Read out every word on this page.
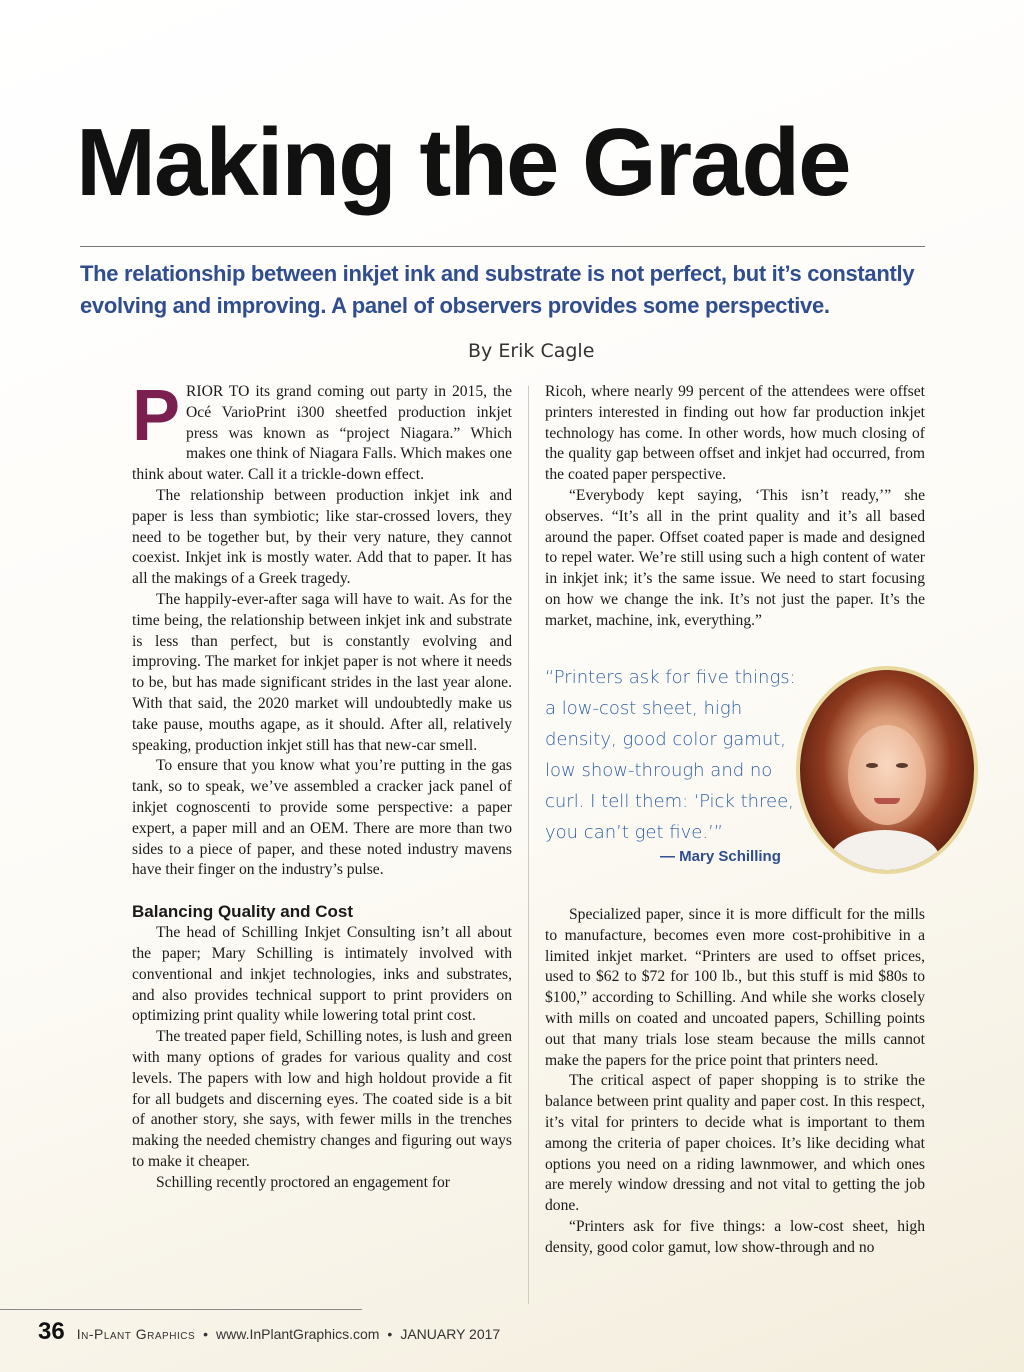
Making the Grade

The relationship between inkjet ink and substrate is not perfect, but it’s constantly evolving and improving. A panel of observers provides some perspective.

By Erik Cagle

PRIOR TO its grand coming out party in 2015, the Océ VarioPrint i300 sheetfed production inkjet press was known as “project Niagara.” Which makes one think of Niagara Falls. Which makes one think about water. Call it a trickle-down effect.

The relationship between production inkjet ink and paper is less than symbiotic; like star-crossed lovers, they need to be together but, by their very nature, they cannot coexist. Inkjet ink is mostly water. Add that to paper. It has all the makings of a Greek tragedy.

The happily-ever-after saga will have to wait. As for the time being, the relationship between inkjet ink and substrate is less than perfect, but is constantly evolving and improving. The market for inkjet paper is not where it needs to be, but has made significant strides in the last year alone. With that said, the 2020 market will undoubtedly make us take pause, mouths agape, as it should. After all, relatively speaking, production inkjet still has that new-car smell.

To ensure that you know what you’re putting in the gas tank, so to speak, we’ve assembled a cracker jack panel of inkjet cognoscenti to provide some perspective: a paper expert, a paper mill and an OEM. There are more than two sides to a piece of paper, and these noted industry mavens have their finger on the industry’s pulse.

Balancing Quality and Cost

The head of Schilling Inkjet Consulting isn’t all about the paper; Mary Schilling is intimately involved with conventional and inkjet technologies, inks and substrates, and also provides technical support to print providers on optimizing print quality while lowering total print cost.

The treated paper field, Schilling notes, is lush and green with many options of grades for various quality and cost levels. The papers with low and high holdout provide a fit for all budgets and discerning eyes. The coated side is a bit of another story, she says, with fewer mills in the trenches making the needed chemistry changes and figuring out ways to make it cheaper.

Schilling recently proctored an engagement for

Ricoh, where nearly 99 percent of the attendees were offset printers interested in finding out how far production inkjet technology has come. In other words, how much closing of the quality gap between offset and inkjet had occurred, from the coated paper perspective.

“Everybody kept saying, ‘This isn’t ready,’” she observes. “It’s all in the print quality and it’s all based around the paper. Offset coated paper is made and designed to repel water. We’re still using such a high content of water in inkjet ink; it’s the same issue. We need to start focusing on how we change the ink. It’s not just the paper. It’s the market, machine, ink, everything.”

“Printers ask for five things: a low-cost sheet, high density, good color gamut, low show-through and no curl. I tell them: ‘Pick three, you can’t get five.’”
— Mary Schilling

Specialized paper, since it is more difficult for the mills to manufacture, becomes even more cost-prohibitive in a limited inkjet market. “Printers are used to offset prices, used to $62 to $72 for 100 lb., but this stuff is mid $80s to $100,” according to Schilling. And while she works closely with mills on coated and uncoated papers, Schilling points out that many trials lose steam because the mills cannot make the papers for the price point that printers need.

The critical aspect of paper shopping is to strike the balance between print quality and paper cost. In this respect, it’s vital for printers to decide what is important to them among the criteria of paper choices. It’s like deciding what options you need on a riding lawnmower, and which ones are merely window dressing and not vital to getting the job done.

“Printers ask for five things: a low-cost sheet, high density, good color gamut, low show-through and no

36 In-Plant Graphics • www.InPlantGraphics.com • JANUARY 2017
